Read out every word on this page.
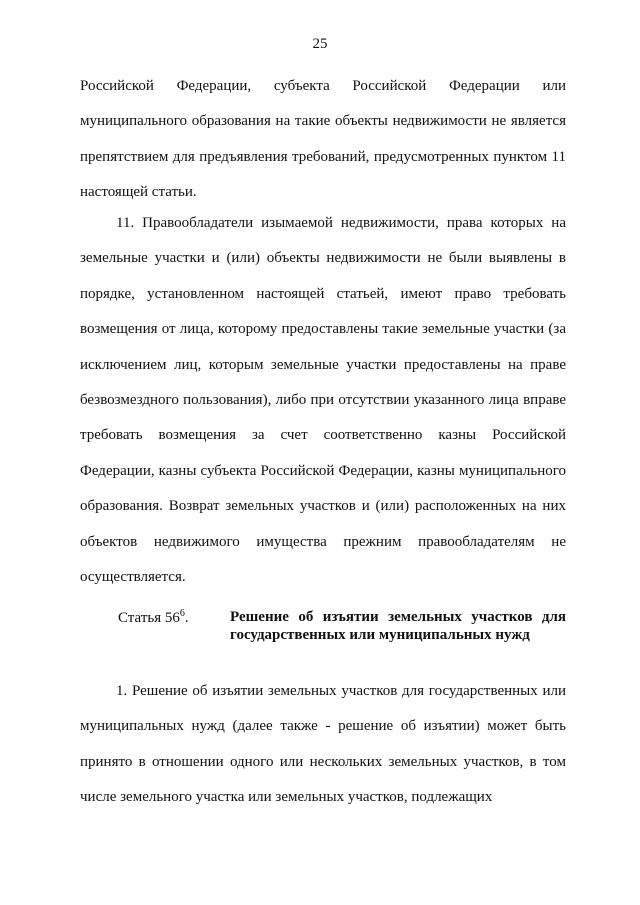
25

Российской Федерации, субъекта Российской Федерации или муниципального образования на такие объекты недвижимости не является препятствием для предъявления требований, предусмотренных пунктом 11 настоящей статьи.

11. Правообладатели изымаемой недвижимости, права которых на земельные участки и (или) объекты недвижимости не были выявлены в порядке, установленном настоящей статьей, имеют право требовать возмещения от лица, которому предоставлены такие земельные участки (за исключением лиц, которым земельные участки предоставлены на праве безвозмездного пользования), либо при отсутствии указанного лица вправе требовать возмещения за счет соответственно казны Российской Федерации, казны субъекта Российской Федерации, казны муниципального образования. Возврат земельных участков и (или) расположенных на них объектов недвижимого имущества прежним правообладателям не осуществляется.

Статья $56^6$.	Решение об изъятии земельных участков для государственных или муниципальных нужд

1. Решение об изъятии земельных участков для государственных или муниципальных нужд (далее также - решение об изъятии) может быть принято в отношении одного или нескольких земельных участков, в том числе земельного участка или земельных участков, подлежащих
